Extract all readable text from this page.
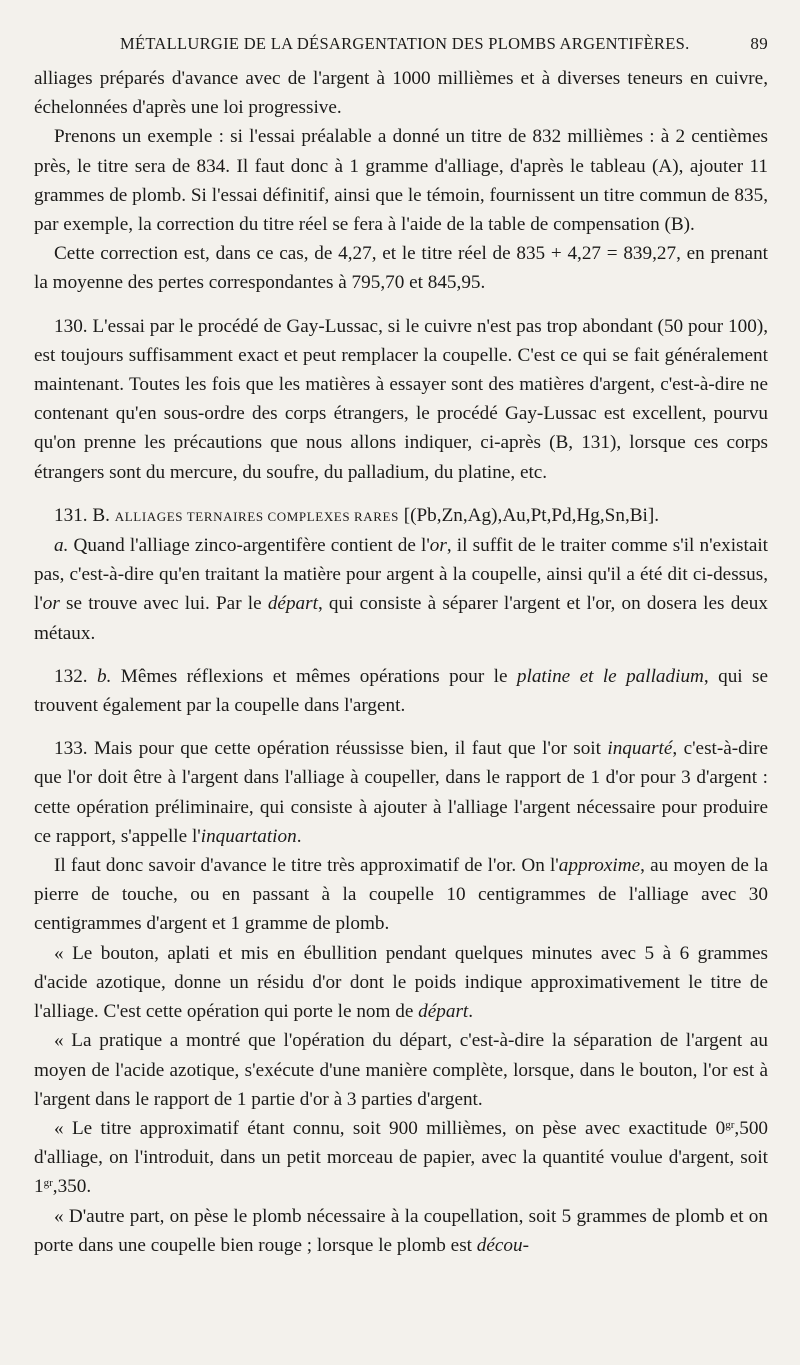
MÉTALLURGIE DE LA DÉSARGENTATION DES PLOMBS ARGENTIFÈRES.	89

alliages préparés d'avance avec de l'argent à 1000 millièmes et à diverses teneurs en cuivre, échelonnées d'après une loi progressive.

Prenons un exemple : si l'essai préalable a donné un titre de 832 millièmes : à 2 centièmes près, le titre sera de 834. Il faut donc à 1 gramme d'alliage, d'après le tableau (A), ajouter 11 grammes de plomb. Si l'essai définitif, ainsi que le témoin, fournissent un titre commun de 835, par exemple, la correction du titre réel se fera à l'aide de la table de compensation (B).

Cette correction est, dans ce cas, de 4,27, et le titre réel de 835 + 4,27 = 839,27, en prenant la moyenne des pertes correspondantes à 795,70 et 845,95.

130. L'essai par le procédé de Gay-Lussac, si le cuivre n'est pas trop abondant (50 pour 100), est toujours suffisamment exact et peut remplacer la coupelle. C'est ce qui se fait généralement maintenant. Toutes les fois que les matières à essayer sont des matières d'argent, c'est-à-dire ne contenant qu'en sous-ordre des corps étrangers, le procédé Gay-Lussac est excellent, pourvu qu'on prenne les précautions que nous allons indiquer, ci-après (B, 131), lorsque ces corps étrangers sont du mercure, du soufre, du palladium, du platine, etc.

131. B. ALLIAGES TERNAIRES COMPLEXES RARES [(Pb,Zn,Ag),Au,Pt,Pd,Hg,Sn,Bi].

a. Quand l'alliage zinco-argentifère contient de l'or, il suffit de le traiter comme s'il n'existait pas, c'est-à-dire qu'en traitant la matière pour argent à la coupelle, ainsi qu'il a été dit ci-dessus, l'or se trouve avec lui. Par le départ, qui consiste à séparer l'argent et l'or, on dosera les deux métaux.

132. b. Mêmes réflexions et mêmes opérations pour le platine et le palladium, qui se trouvent également par la coupelle dans l'argent.

133. Mais pour que cette opération réussisse bien, il faut que l'or soit inquarté, c'est-à-dire que l'or doit être à l'argent dans l'alliage à coupeller, dans le rapport de 1 d'or pour 3 d'argent : cette opération préliminaire, qui consiste à ajouter à l'alliage l'argent nécessaire pour produire ce rapport, s'appelle l'inquartation.

Il faut donc savoir d'avance le titre très approximatif de l'or. On l'approxime, au moyen de la pierre de touche, ou en passant à la coupelle 10 centigrammes de l'alliage avec 30 centigrammes d'argent et 1 gramme de plomb.

« Le bouton, aplati et mis en ébullition pendant quelques minutes avec 5 à 6 grammes d'acide azotique, donne un résidu d'or dont le poids indique approximativement le titre de l'alliage. C'est cette opération qui porte le nom de départ.

« La pratique a montré que l'opération du départ, c'est-à-dire la séparation de l'argent au moyen de l'acide azotique, s'exécute d'une manière complète, lorsque, dans le bouton, l'or est à l'argent dans le rapport de 1 partie d'or à 3 parties d'argent.

« Le titre approximatif étant connu, soit 900 millièmes, on pèse avec exactitude $0^{gr},500$ d'alliage, on l'introduit, dans un petit morceau de papier, avec la quantité voulue d'argent, soit $1^{gr},350$.

« D'autre part, on pèse le plomb nécessaire à la coupellation, soit 5 grammes de plomb et on porte dans une coupelle bien rouge ; lorsque le plomb est décou-
